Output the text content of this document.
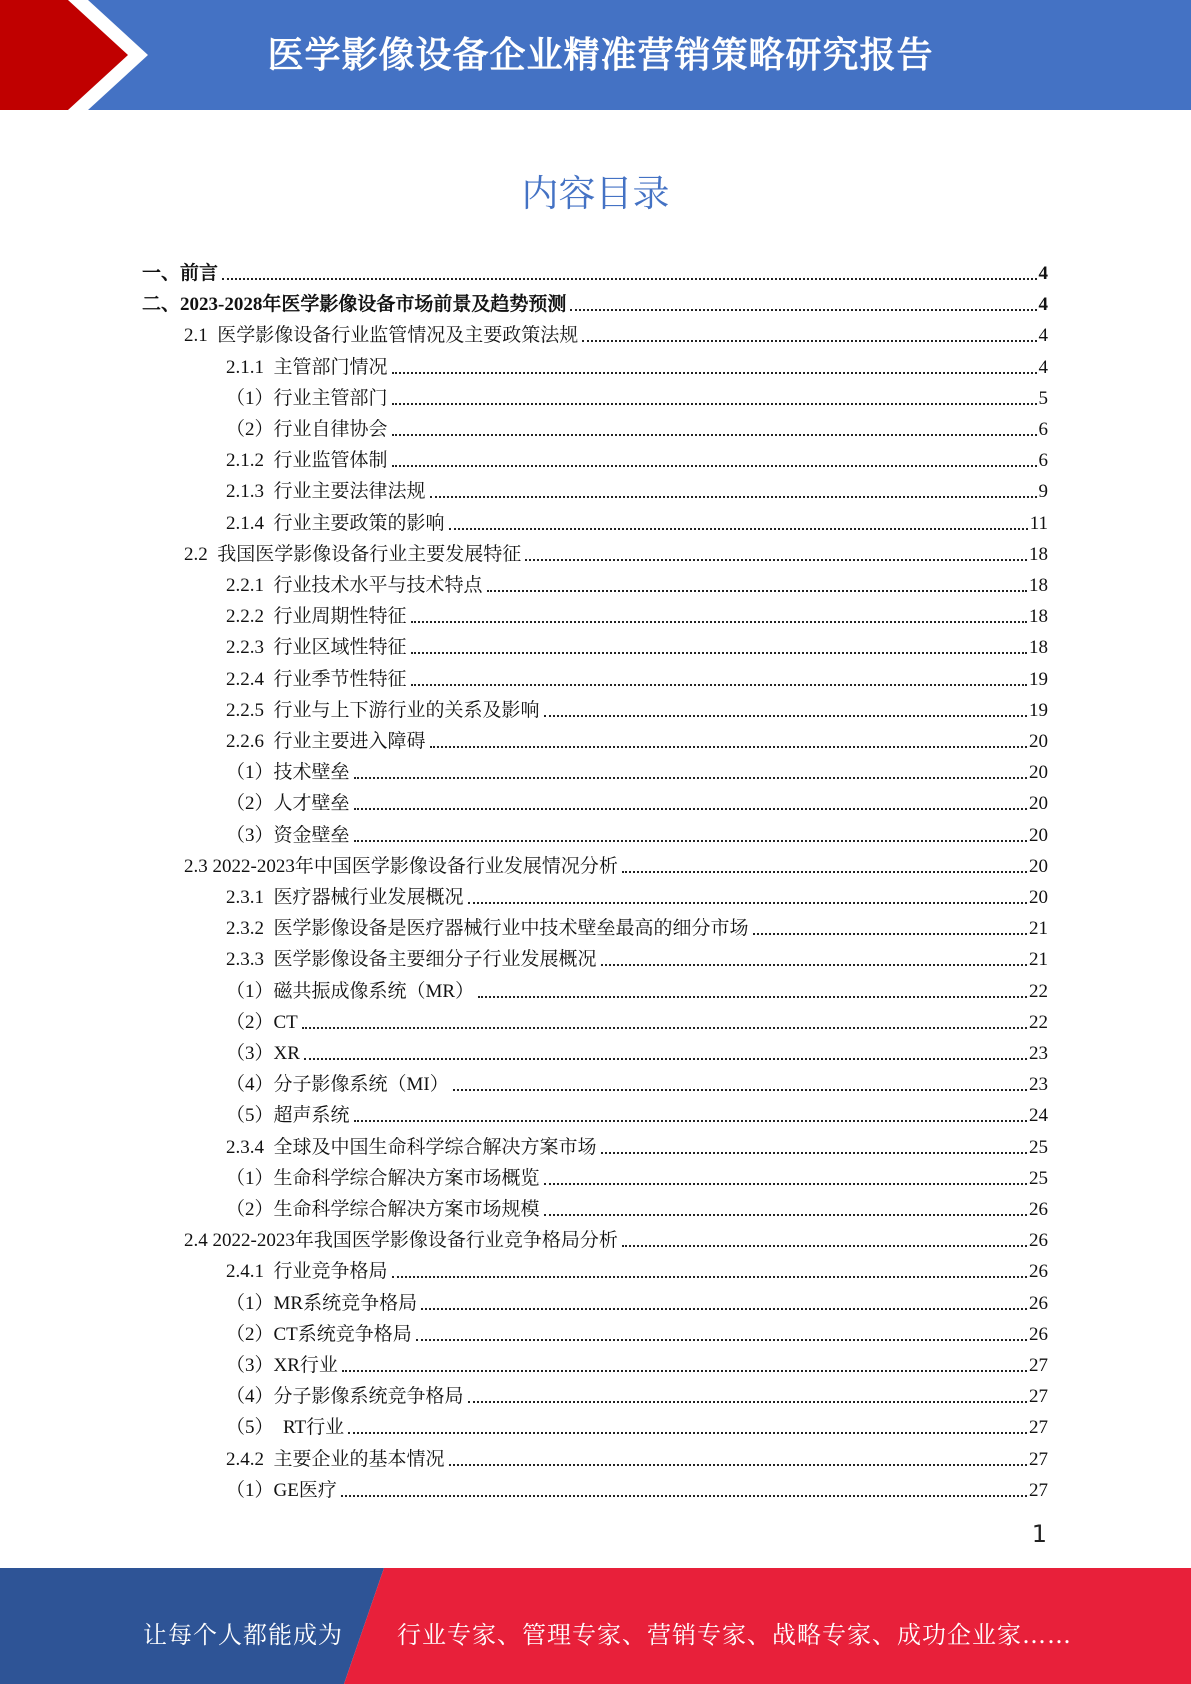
医学影像设备企业精准营销策略研究报告
内容目录
一、前言	4
二、2023-2028年医学影像设备市场前景及趋势预测	4
2.1  医学影像设备行业监管情况及主要政策法规	4
2.1.1  主管部门情况	4
（1）行业主管部门	5
（2）行业自律协会	6
2.1.2  行业监管体制	6
2.1.3  行业主要法律法规	9
2.1.4  行业主要政策的影响	11
2.2  我国医学影像设备行业主要发展特征	18
2.2.1  行业技术水平与技术特点	18
2.2.2  行业周期性特征	18
2.2.3  行业区域性特征	18
2.2.4  行业季节性特征	19
2.2.5  行业与上下游行业的关系及影响	19
2.2.6  行业主要进入障碍	20
（1）技术壁垒	20
（2）人才壁垒	20
（3）资金壁垒	20
2.3 2022-2023年中国医学影像设备行业发展情况分析	20
2.3.1  医疗器械行业发展概况	20
2.3.2  医学影像设备是医疗器械行业中技术壁垒最高的细分市场	21
2.3.3  医学影像设备主要细分子行业发展概况	21
（1）磁共振成像系统（MR）	22
（2）CT	22
（3）XR	23
（4）分子影像系统（MI）	23
（5）超声系统	24
2.3.4  全球及中国生命科学综合解决方案市场	25
（1）生命科学综合解决方案市场概览	25
（2）生命科学综合解决方案市场规模	26
2.4 2022-2023年我国医学影像设备行业竞争格局分析	26
2.4.1  行业竞争格局	26
（1）MR系统竞争格局	26
（2）CT系统竞争格局	26
（3）XR行业	27
（4）分子影像系统竞争格局	27
（5）  RT行业	27
2.4.2  主要企业的基本情况	27
（1）GE医疗	27
1
让每个人都能成为 行业专家、管理专家、营销专家、战略专家、成功企业家……
